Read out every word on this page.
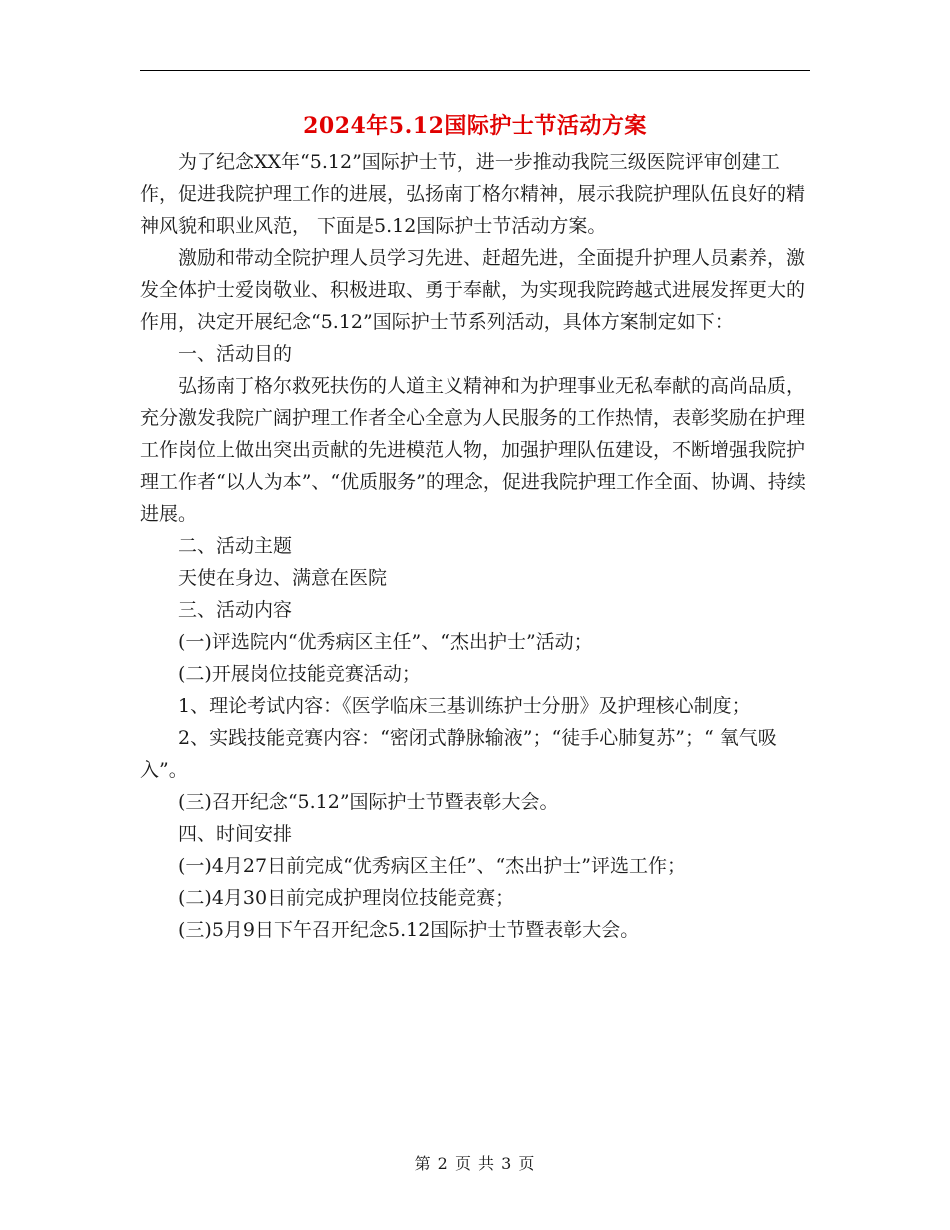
2024年5.12国际护士节活动方案

为了纪念XX年“5.12”国际护士节，进一步推动我院三级医院评审创建工作，促进我院护理工作的进展，弘扬南丁格尔精神，展示我院护理队伍良好的精神风貌和职业风范， 下面是5.12国际护士节活动方案。

激励和带动全院护理人员学习先进、赶超先进，全面提升护理人员素养，激发全体护士爱岗敬业、积极进取、勇于奉献，为实现我院跨越式进展发挥更大的作用，决定开展纪念“5.12”国际护士节系列活动，具体方案制定如下：

一、活动目的

弘扬南丁格尔救死扶伤的人道主义精神和为护理事业无私奉献的高尚品质，充分激发我院广阔护理工作者全心全意为人民服务的工作热情，表彰奖励在护理工作岗位上做出突出贡献的先进模范人物，加强护理队伍建设，不断增强我院护理工作者“以人为本”、“优质服务”的理念，促进我院护理工作全面、协调、持续进展。

二、活动主题

天使在身边、满意在医院

三、活动内容

(一)评选院内“优秀病区主任”、“杰出护士”活动；

(二)开展岗位技能竞赛活动；

1、理论考试内容：《医学临床三基训练护士分册》及护理核心制度；

2、实践技能竞赛内容：“密闭式静脉输液”；“徒手心肺复苏”；“ 氧气吸入”。

(三)召开纪念“5.12”国际护士节暨表彰大会。

四、时间安排

(一)4月27日前完成“优秀病区主任”、“杰出护士”评选工作；

(二)4月30日前完成护理岗位技能竞赛；

(三)5月9日下午召开纪念5.12国际护士节暨表彰大会。

第 2 页 共 3 页
